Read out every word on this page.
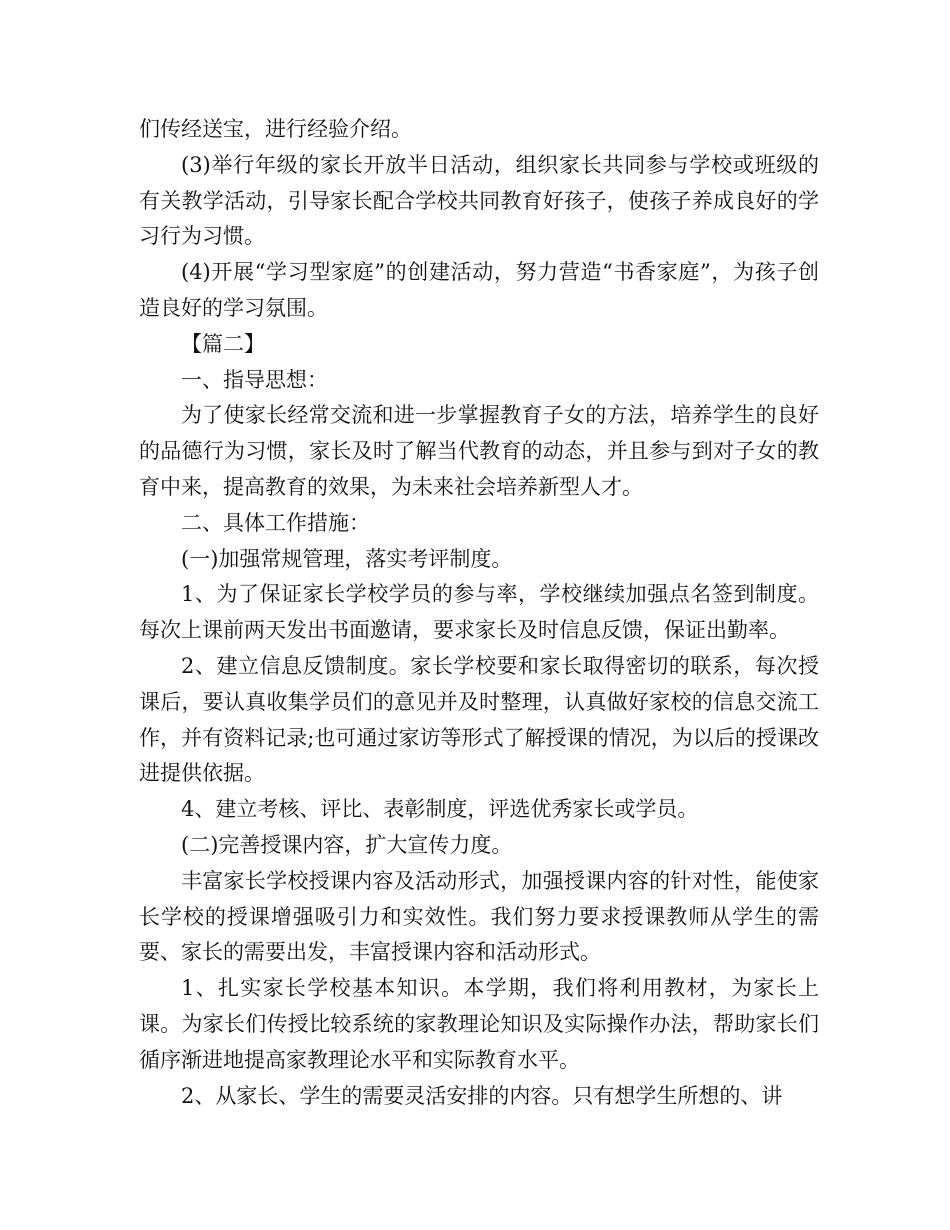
们传经送宝，进行经验介绍。

(3)举行年级的家长开放半日活动，组织家长共同参与学校或班级的有关教学活动，引导家长配合学校共同教育好孩子，使孩子养成良好的学习行为习惯。

(4)开展“学习型家庭”的创建活动，努力营造“书香家庭”，为孩子创造良好的学习氛围。

【篇二】

一、指导思想：

为了使家长经常交流和进一步掌握教育子女的方法，培养学生的良好的品德行为习惯，家长及时了解当代教育的动态，并且参与到对子女的教育中来，提高教育的效果，为未来社会培养新型人才。

二、具体工作措施：

(一)加强常规管理，落实考评制度。

1、为了保证家长学校学员的参与率，学校继续加强点名签到制度。每次上课前两天发出书面邀请，要求家长及时信息反馈，保证出勤率。

2、建立信息反馈制度。家长学校要和家长取得密切的联系，每次授课后，要认真收集学员们的意见并及时整理，认真做好家校的信息交流工作，并有资料记录;也可通过家访等形式了解授课的情况，为以后的授课改进提供依据。

4、建立考核、评比、表彰制度，评选优秀家长或学员。

(二)完善授课内容，扩大宣传力度。

丰富家长学校授课内容及活动形式，加强授课内容的针对性，能使家长学校的授课增强吸引力和实效性。我们努力要求授课教师从学生的需要、家长的需要出发，丰富授课内容和活动形式。

1、扎实家长学校基本知识。本学期，我们将利用教材，为家长上课。为家长们传授比较系统的家教理论知识及实际操作办法，帮助家长们循序渐进地提高家教理论水平和实际教育水平。

2、从家长、学生的需要灵活安排的内容。只有想学生所想的、讲
